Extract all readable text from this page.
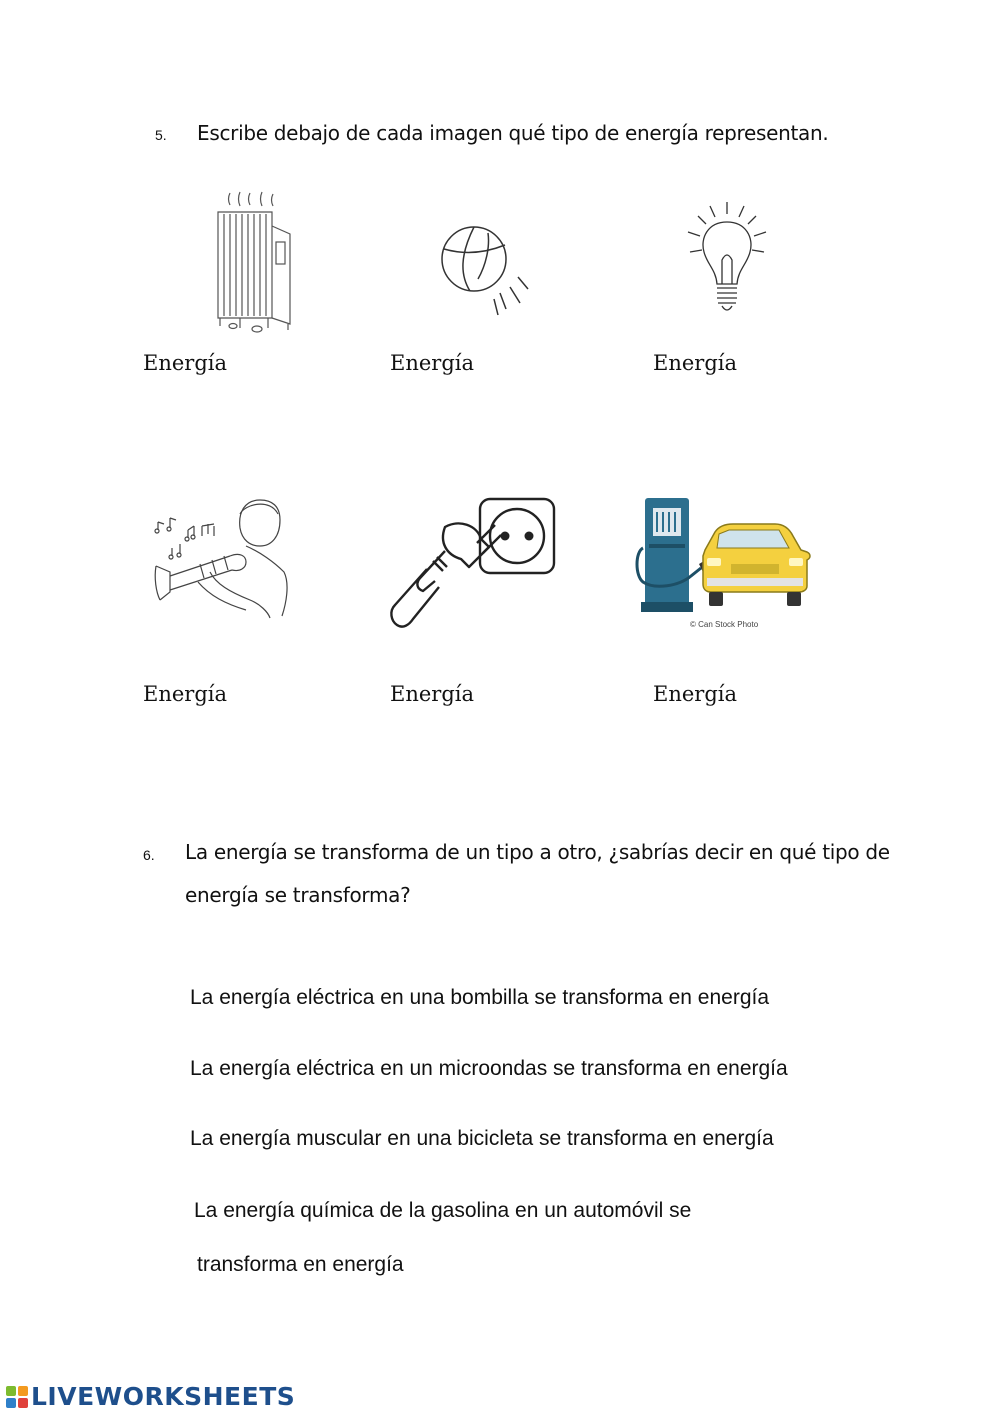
5. Escribe debajo de cada imagen qué tipo de energía representan.
Energía	Energía	Energía
© Can Stock Photo
Energía	Energía	Energía
6. La energía se transforma de un tipo a otro, ¿sabrías decir en qué tipo de
energía se transforma?
La energía eléctrica en una bombilla se transforma en energía
La energía eléctrica en un microondas se transforma en energía
La energía muscular en una bicicleta se transforma en energía
La energía química de la gasolina en un automóvil se
transforma en energía
LIVEWORKSHEETS
